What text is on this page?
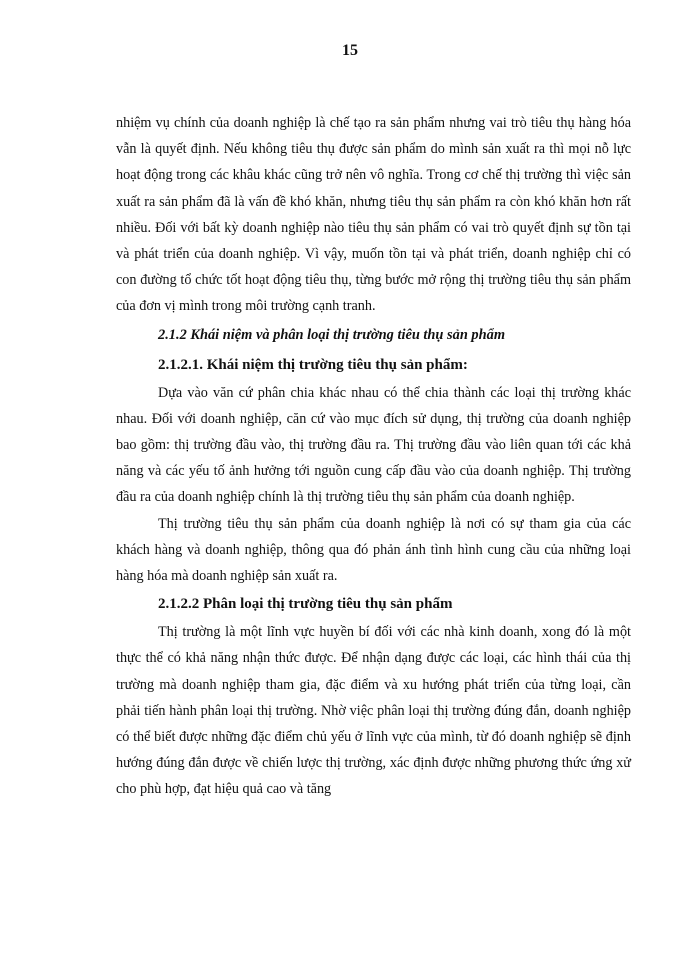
15

nhiệm vụ chính của doanh nghiệp là chế tạo ra sản phẩm nhưng vai trò tiêu thụ hàng hóa vẫn là quyết định. Nếu không tiêu thụ được sản phẩm do mình sản xuất ra thì mọi nỗ lực hoạt động trong các khâu khác cũng trở nên vô nghĩa. Trong cơ chế thị trường thì việc sản xuất ra sản phẩm đã là vấn đề khó khăn, nhưng tiêu thụ sản phẩm ra còn khó khăn hơn rất nhiều. Đối với bất kỳ doanh nghiệp nào tiêu thụ sản phẩm có vai trò quyết định sự tồn tại và phát triển của doanh nghiệp. Vì vậy, muốn tồn tại và phát triển, doanh nghiệp chỉ có con đường tổ chức tốt hoạt động tiêu thụ, từng bước mở rộng thị trường tiêu thụ sản phẩm của đơn vị mình trong môi trường cạnh tranh.

2.1.2 Khái niệm và phân loại thị trường tiêu thụ sản phẩm

2.1.2.1. Khái niệm thị trường tiêu thụ sản phẩm:

Dựa vào văn cứ phân chia khác nhau có thể chia thành các loại thị trường khác nhau. Đối với doanh nghiệp, căn cứ vào mục đích sử dụng, thị trường của doanh nghiệp bao gồm: thị trường đầu vào, thị trường đầu ra. Thị trường đầu vào liên quan tới các khả năng và các yếu tố ảnh hưởng tới nguồn cung cấp đầu vào của doanh nghiệp. Thị trường đầu ra của doanh nghiệp chính là thị trường tiêu thụ sản phẩm của doanh nghiệp.

Thị trường tiêu thụ sản phẩm của doanh nghiệp là nơi có sự tham gia của các khách hàng và doanh nghiệp, thông qua đó phản ánh tình hình cung cầu của những loại hàng hóa mà doanh nghiệp sản xuất ra.

2.1.2.2 Phân loại thị trường tiêu thụ sản phẩm

Thị trường là một lĩnh vực huyền bí đối với các nhà kinh doanh, xong đó là một thực thể có khả năng nhận thức được. Để nhận dạng được các loại, các hình thái của thị trường mà doanh nghiệp tham gia, đặc điểm và xu hướng phát triển của từng loại, cần phải tiến hành phân loại thị trường. Nhờ việc phân loại thị trường đúng đắn, doanh nghiệp có thể biết được những đặc điểm chủ yếu ở lĩnh vực của mình, từ đó doanh nghiệp sẽ định hướng đúng đắn được về chiến lược thị trường, xác định được những phương thức ứng xử cho phù hợp, đạt hiệu quả cao và tăng
